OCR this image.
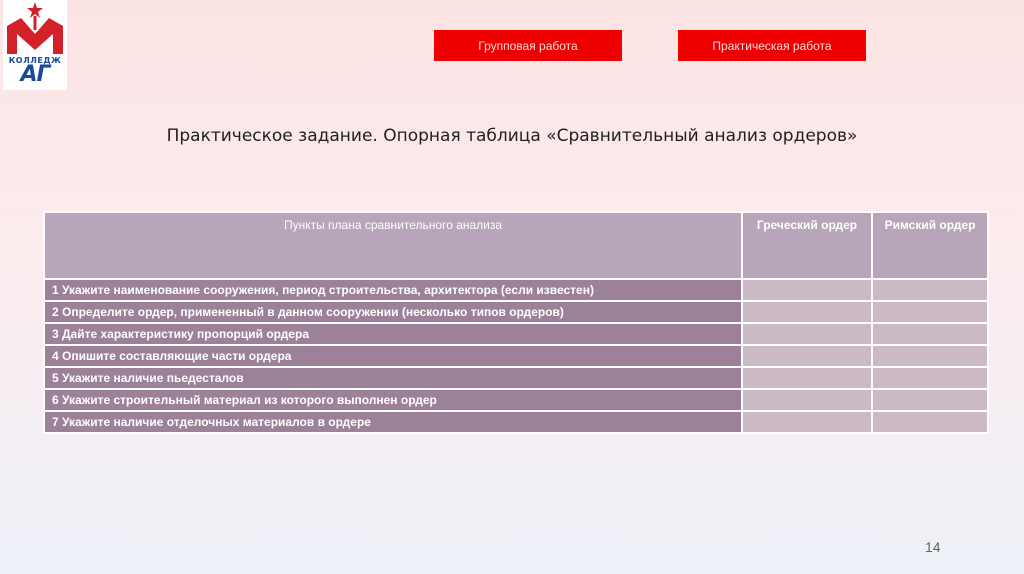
КОЛЛЕДЖ
АГ
Групповая работа	Практическая работа
Практическое задание. Опорная таблица «Сравнительный анализ ордеров»
Пункты плана сравнительного анализа	Греческий ордер	Римский ордер
1 Укажите наименование сооружения, период строительства, архитектора (если известен)		
2 Определите ордер, примененный в данном сооружении (несколько типов ордеров)		
3 Дайте характеристику пропорций ордера		
4 Опишите составляющие части ордера		
5 Укажите наличие пьедесталов		
6 Укажите строительный материал из которого выполнен ордер		
7 Укажите наличие отделочных материалов в ордере		
14
